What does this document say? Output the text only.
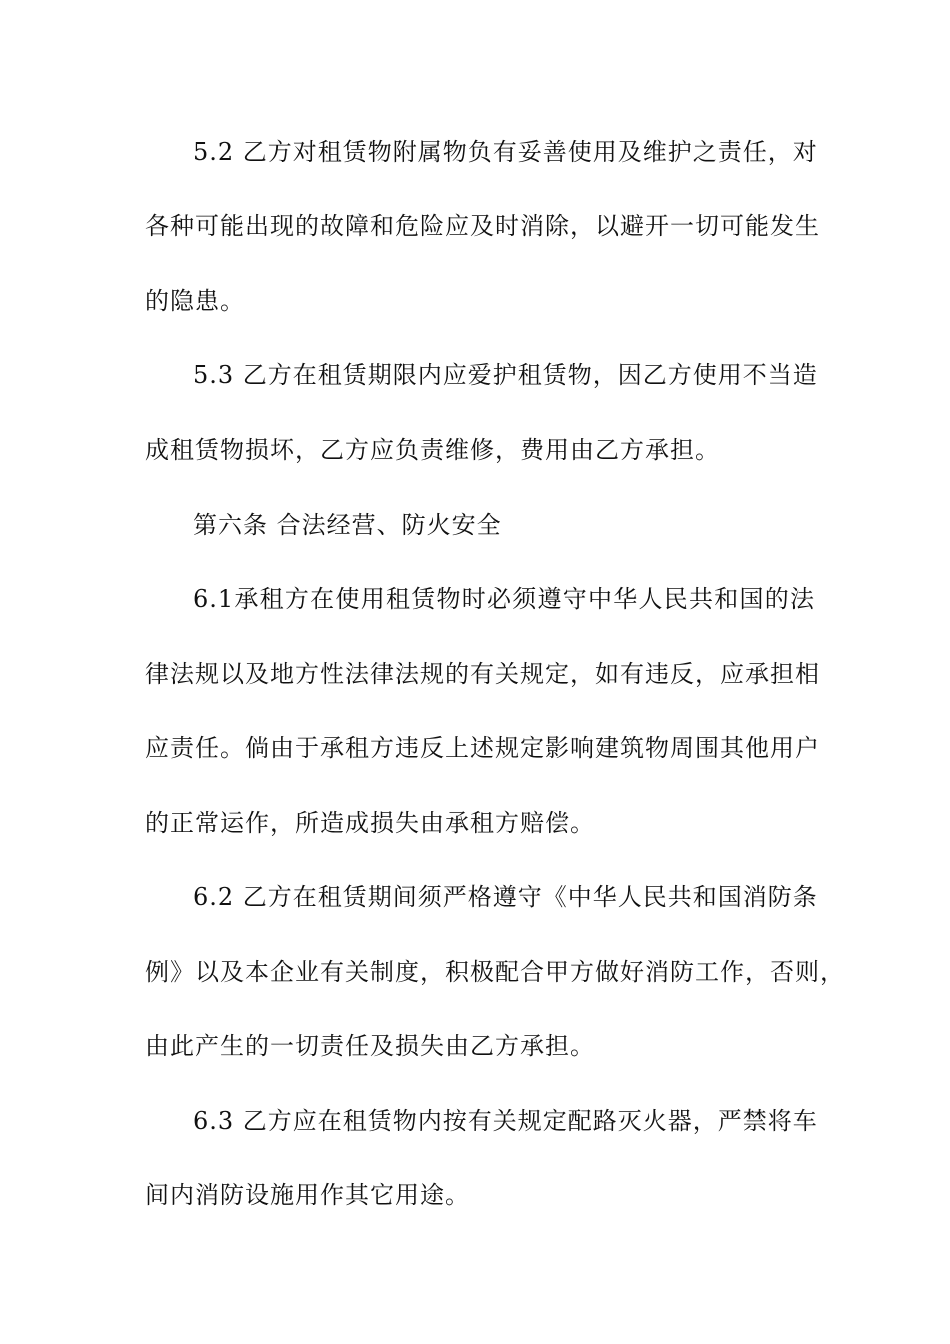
5.2 乙方对租赁物附属物负有妥善使用及维护之责任，对
各种可能出现的故障和危险应及时消除，以避开一切可能发生
的隐患。
5.3 乙方在租赁期限内应爱护租赁物，因乙方使用不当造
成租赁物损坏，乙方应负责维修，费用由乙方承担。
第六条 合法经营、防火安全
6.1承租方在使用租赁物时必须遵守中华人民共和国的法
律法规以及地方性法律法规的有关规定，如有违反，应承担相
应责任。倘由于承租方违反上述规定影响建筑物周围其他用户
的正常运作，所造成损失由承租方赔偿。
6.2 乙方在租赁期间须严格遵守《中华人民共和国消防条
例》以及本企业有关制度，积极配合甲方做好消防工作，否则，
由此产生的一切责任及损失由乙方承担。
6.3 乙方应在租赁物内按有关规定配路灭火器，严禁将车
间内消防设施用作其它用途。
